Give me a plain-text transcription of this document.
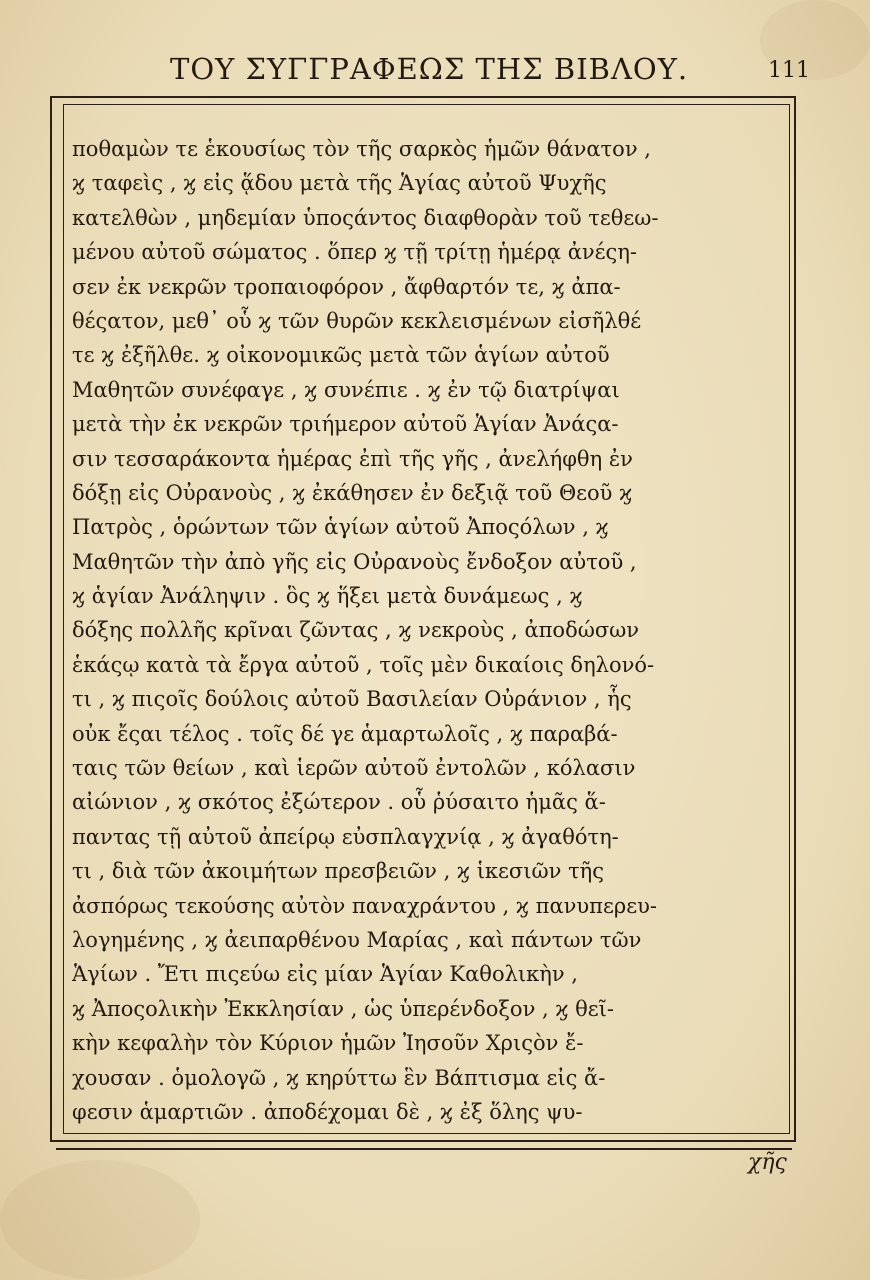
ΤΟΥ ΣΥΓΓΡΑΦΕΩΣ ΤΗΣ ΒΙΒΛΟΥ.	111
ποθαμὼν τε ἑκουσίως τὸν τῆς σαρκὸς ἡμῶν θάνατον ,
ϗ ταφεὶς , ϗ εἰς ᾅδου μετὰ τῆς Ἁγίας αὐτοῦ Ψυχῆς
κατελθὼν , μηδεμίαν ὑποςάντος διαφθορὰν τοῦ τεθεω-
μένου αὐτοῦ σώματος . ὅπερ ϗ τῇ τρίτῃ ἡμέρᾳ ἀνέςη-
σεν ἐκ νεκρῶν τροπαιοφόρον , ἄφθαρτόν τε, ϗ ἀπα-
θέςατον, μεθ᾽ οὗ ϗ τῶν θυρῶν κεκλεισμένων εἰσῆλθέ
τε ϗ ἐξῆλθε. ϗ οἰκονομικῶς μετὰ τῶν ἁγίων αὐτοῦ
Μαθητῶν συνέφαγε , ϗ συνέπιε . ϗ ἐν τῷ διατρίψαι
μετὰ τὴν ἐκ νεκρῶν τριήμερον αὐτοῦ Ἁγίαν Ἀνάςα-
σιν τεσσαράκοντα ἡμέρας ἐπὶ τῆς γῆς , ἀνελήφθη ἐν
δόξῃ εἰς Οὐρανοὺς , ϗ ἐκάθησεν ἐν δεξιᾷ τοῦ Θεοῦ ϗ
Πατρὸς , ὁρώντων τῶν ἁγίων αὐτοῦ Ἀποςόλων , ϗ
Μαθητῶν τὴν ἀπὸ γῆς εἰς Οὐρανοὺς ἔνδοξον αὐτοῦ ,
ϗ ἁγίαν Ἀνάληψιν . ὃς ϗ ἥξει μετὰ δυνάμεως , ϗ
δόξης πολλῆς κρῖναι ζῶντας , ϗ νεκροὺς , ἀποδώσων
ἑκάςῳ κατὰ τὰ ἔργα αὐτοῦ , τοῖς μὲν δικαίοις δηλονό-
τι , ϗ πιςοῖς δούλοις αὐτοῦ Βασιλείαν Οὐράνιον , ἧς
οὐκ ἔςαι τέλος . τοῖς δέ γε ἁμαρτωλοῖς , ϗ παραβά-
ταις τῶν θείων , καὶ ἱερῶν αὐτοῦ ἐντολῶν , κόλασιν
αἰώνιον , ϗ σκότος ἐξώτερον . οὗ ῥύσαιτο ἡμᾶς ἅ-
παντας τῇ αὐτοῦ ἀπείρῳ εὐσπλαγχνίᾳ , ϗ ἀγαθότη-
τι , διὰ τῶν ἀκοιμήτων πρεσβειῶν , ϗ ἱκεσιῶν τῆς
ἀσπόρως τεκούσης αὐτὸν παναχράντου , ϗ πανυπερευ-
λογημένης , ϗ ἀειπαρθένου Μαρίας , καὶ πάντων τῶν
Ἁγίων . Ἔτι πιςεύω εἰς μίαν Ἁγίαν Καθολικὴν ,
ϗ Ἀποςολικὴν Ἐκκλησίαν , ὡς ὑπερένδοξον , ϗ θεῖ-
κὴν κεφαλὴν τὸν Κύριον ἡμῶν Ἰησοῦν Χριςὸν ἔ-
χουσαν . ὁμολογῶ , ϗ κηρύττω ἓν Βάπτισμα εἰς ἄ-
φεσιν ἁμαρτιῶν . ἀποδέχομαι δὲ , ϗ ἐξ ὅλης ψυ-
χῆς
